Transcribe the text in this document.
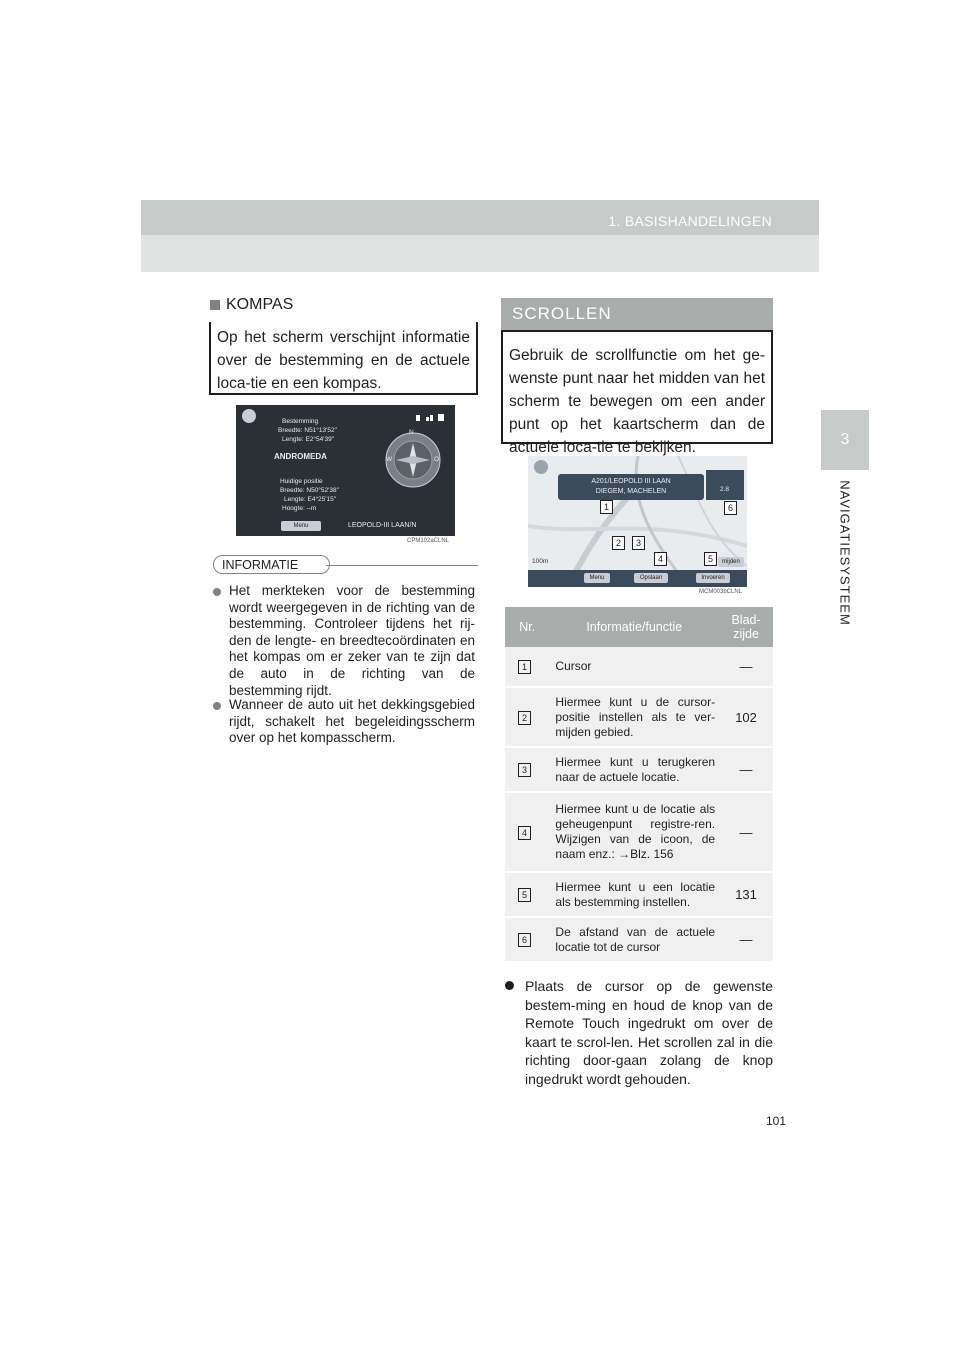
1. BASISHANDELINGEN
3
NAVIGATIESYSTEEM
KOMPAS
Op het scherm verschijnt informatie over de bestemming en de actuele loca-tie en een kompas.
Bestemming
Breedte: N51°13'52"
Lengte: E2°54'39"
ANDROMEDA
Huidige positie
Breedte: N50°52'38"
Lengte: E4°25'15"
Hoogte: --m
Menu	LEOPOLD-III LAAN/N
N
W	O
CPM102aCLNL
INFORMATIE
Het merkteken voor de bestemming wordt weergegeven in de richting van de bestemming. Controleer tijdens het rij-den de lengte- en breedtecoördinaten en het kompas om er zeker van te zijn dat de auto in de richting van de bestemming rijdt.
Wanneer de auto uit het dekkingsgebied rijdt, schakelt het begeleidingsscherm over op het kompasscherm.
SCROLLEN
Gebruik de scrollfunctie om het ge-wenste punt naar het midden van het scherm te bewegen om een ander punt op het kaartscherm dan de actuele loca-tie te bekijken.
A201/LEOPOLD III LAAN
DIEGEM, MACHELEN	2.8
100m
Menu	Opslaan	Invoeren
mijden
1
2	3
4	5
6
MCM003bCLNL
Nr.	Informatie/functie	Blad-zijde
1	Cursor	—
2	Hiermee kunt u de cursor-positie instellen als te ver-mijden gebied.	102
3	Hiermee kunt u terugkeren naar de actuele locatie.	—
4	Hiermee kunt u de locatie als geheugenpunt registre-ren. Wijzigen van de icoon, de naam enz.: →Blz. 156	—
5	Hiermee kunt u een locatie als bestemming instellen.	131
6	De afstand van de actuele locatie tot de cursor	—
Plaats de cursor op de gewenste bestem-ming en houd de knop van de Remote Touch ingedrukt om over de kaart te scrol-len. Het scrollen zal in die richting door-gaan zolang de knop ingedrukt wordt gehouden.
101
